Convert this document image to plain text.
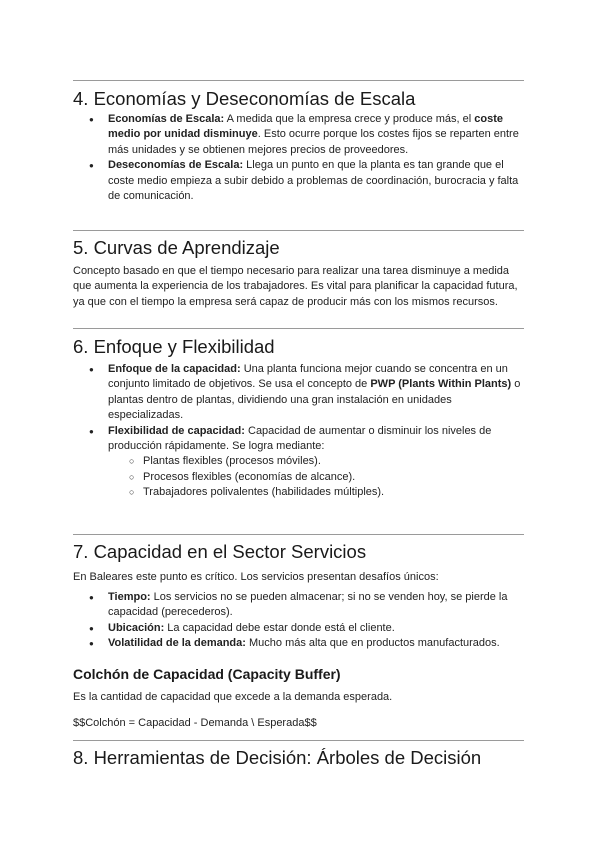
4. Economías y Deseconomías de Escala
● Economías de Escala: A medida que la empresa crece y produce más, el coste medio por unidad disminuye. Esto ocurre porque los costes fijos se reparten entre más unidades y se obtienen mejores precios de proveedores.
● Deseconomías de Escala: Llega un punto en que la planta es tan grande que el coste medio empieza a subir debido a problemas de coordinación, burocracia y falta de comunicación.
5. Curvas de Aprendizaje

Concepto basado en que el tiempo necesario para realizar una tarea disminuye a medida que aumenta la experiencia de los trabajadores. Es vital para planificar la capacidad futura, ya que con el tiempo la empresa será capaz de producir más con los mismos recursos.

6. Enfoque y Flexibilidad
● Enfoque de la capacidad: Una planta funciona mejor cuando se concentra en un conjunto limitado de objetivos. Se usa el concepto de PWP (Plants Within Plants) o plantas dentro de plantas, dividiendo una gran instalación en unidades especializadas.
● Flexibilidad de capacidad: Capacidad de aumentar o disminuir los niveles de producción rápidamente. Se logra mediante:
○ Plantas flexibles (procesos móviles).
○ Procesos flexibles (economías de alcance).
○ Trabajadores polivalentes (habilidades múltiples).
7. Capacidad en el Sector Servicios

En Baleares este punto es crítico. Los servicios presentan desafíos únicos:

● Tiempo: Los servicios no se pueden almacenar; si no se venden hoy, se pierde la capacidad (perecederos).
● Ubicación: La capacidad debe estar donde está el cliente.
● Volatilidad de la demanda: Mucho más alta que en productos manufacturados.
Colchón de Capacidad (Capacity Buffer)

Es la cantidad de capacidad que excede a la demanda esperada.

$$Colchón = Capacidad - Demanda \ Esperada$$

8. Herramientas de Decisión: Árboles de Decisión
